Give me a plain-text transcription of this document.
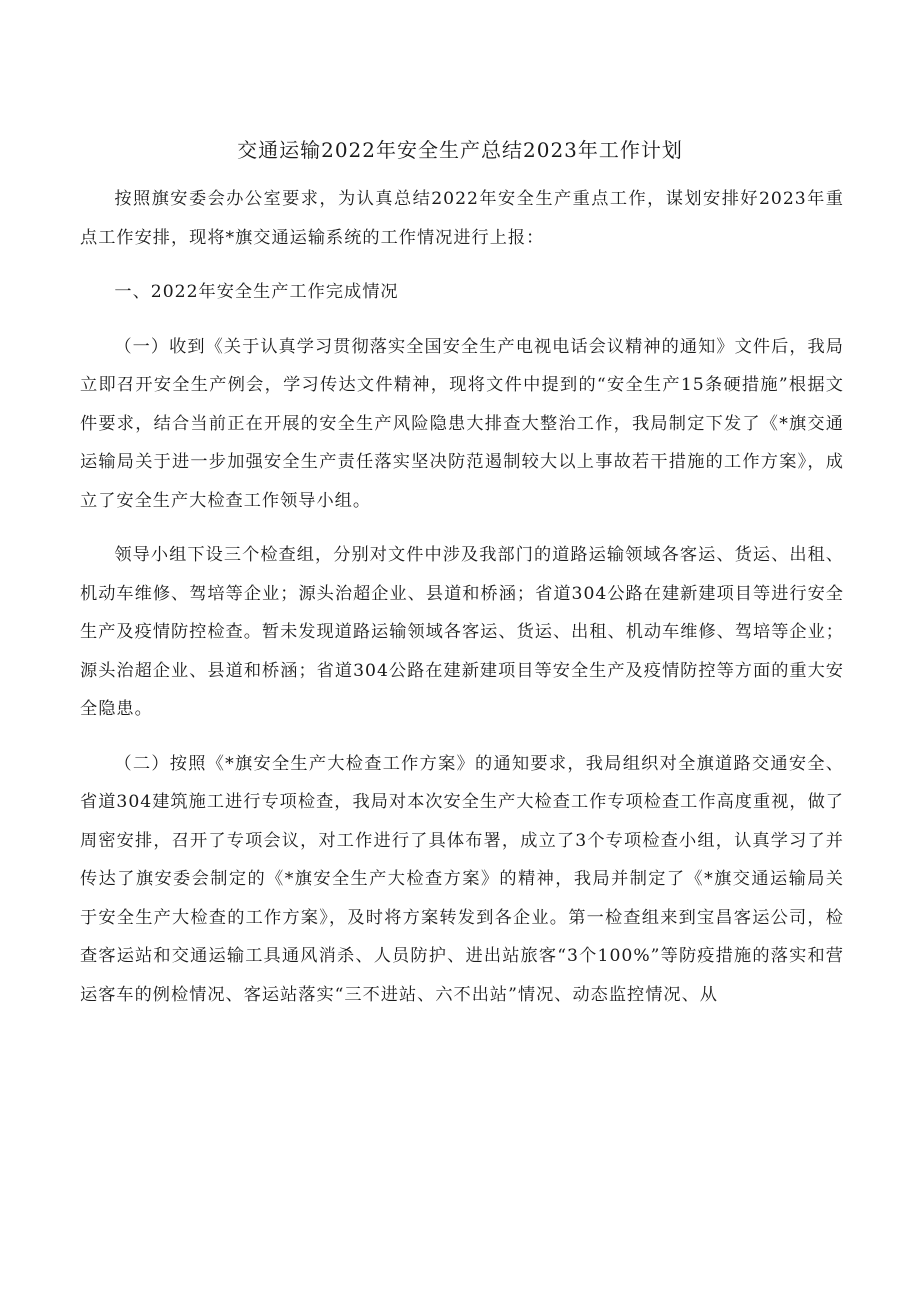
交通运输2022年安全生产总结2023年工作计划

按照旗安委会办公室要求，为认真总结2022年安全生产重点工作，谋划安排好2023年重点工作安排，现将*旗交通运输系统的工作情况进行上报：

一、2022年安全生产工作完成情况

（一）收到《关于认真学习贯彻落实全国安全生产电视电话会议精神的通知》文件后，我局立即召开安全生产例会，学习传达文件精神，现将文件中提到的“安全生产15条硬措施”根据文件要求，结合当前正在开展的安全生产风险隐患大排查大整治工作，我局制定下发了《*旗交通运输局关于进一步加强安全生产责任落实坚决防范遏制较大以上事故若干措施的工作方案》，成立了安全生产大检查工作领导小组。

领导小组下设三个检查组，分别对文件中涉及我部门的道路运输领域各客运、货运、出租、机动车维修、驾培等企业；源头治超企业、县道和桥涵；省道304公路在建新建项目等进行安全生产及疫情防控检查。暂未发现道路运输领域各客运、货运、出租、机动车维修、驾培等企业；源头治超企业、县道和桥涵；省道304公路在建新建项目等安全生产及疫情防控等方面的重大安全隐患。

（二）按照《*旗安全生产大检查工作方案》的通知要求，我局组织对全旗道路交通安全、省道304建筑施工进行专项检查，我局对本次安全生产大检查工作专项检查工作高度重视，做了周密安排，召开了专项会议，对工作进行了具体布署，成立了3个专项检查小组，认真学习了并传达了旗安委会制定的《*旗安全生产大检查方案》的精神，我局并制定了《*旗交通运输局关于安全生产大检查的工作方案》，及时将方案转发到各企业。第一检查组来到宝昌客运公司，检查客运站和交通运输工具通风消杀、人员防护、进出站旅客“3个100%”等防疫措施的落实和营运客车的例检情况、客运站落实“三不进站、六不出站”情况、动态监控情况、从
